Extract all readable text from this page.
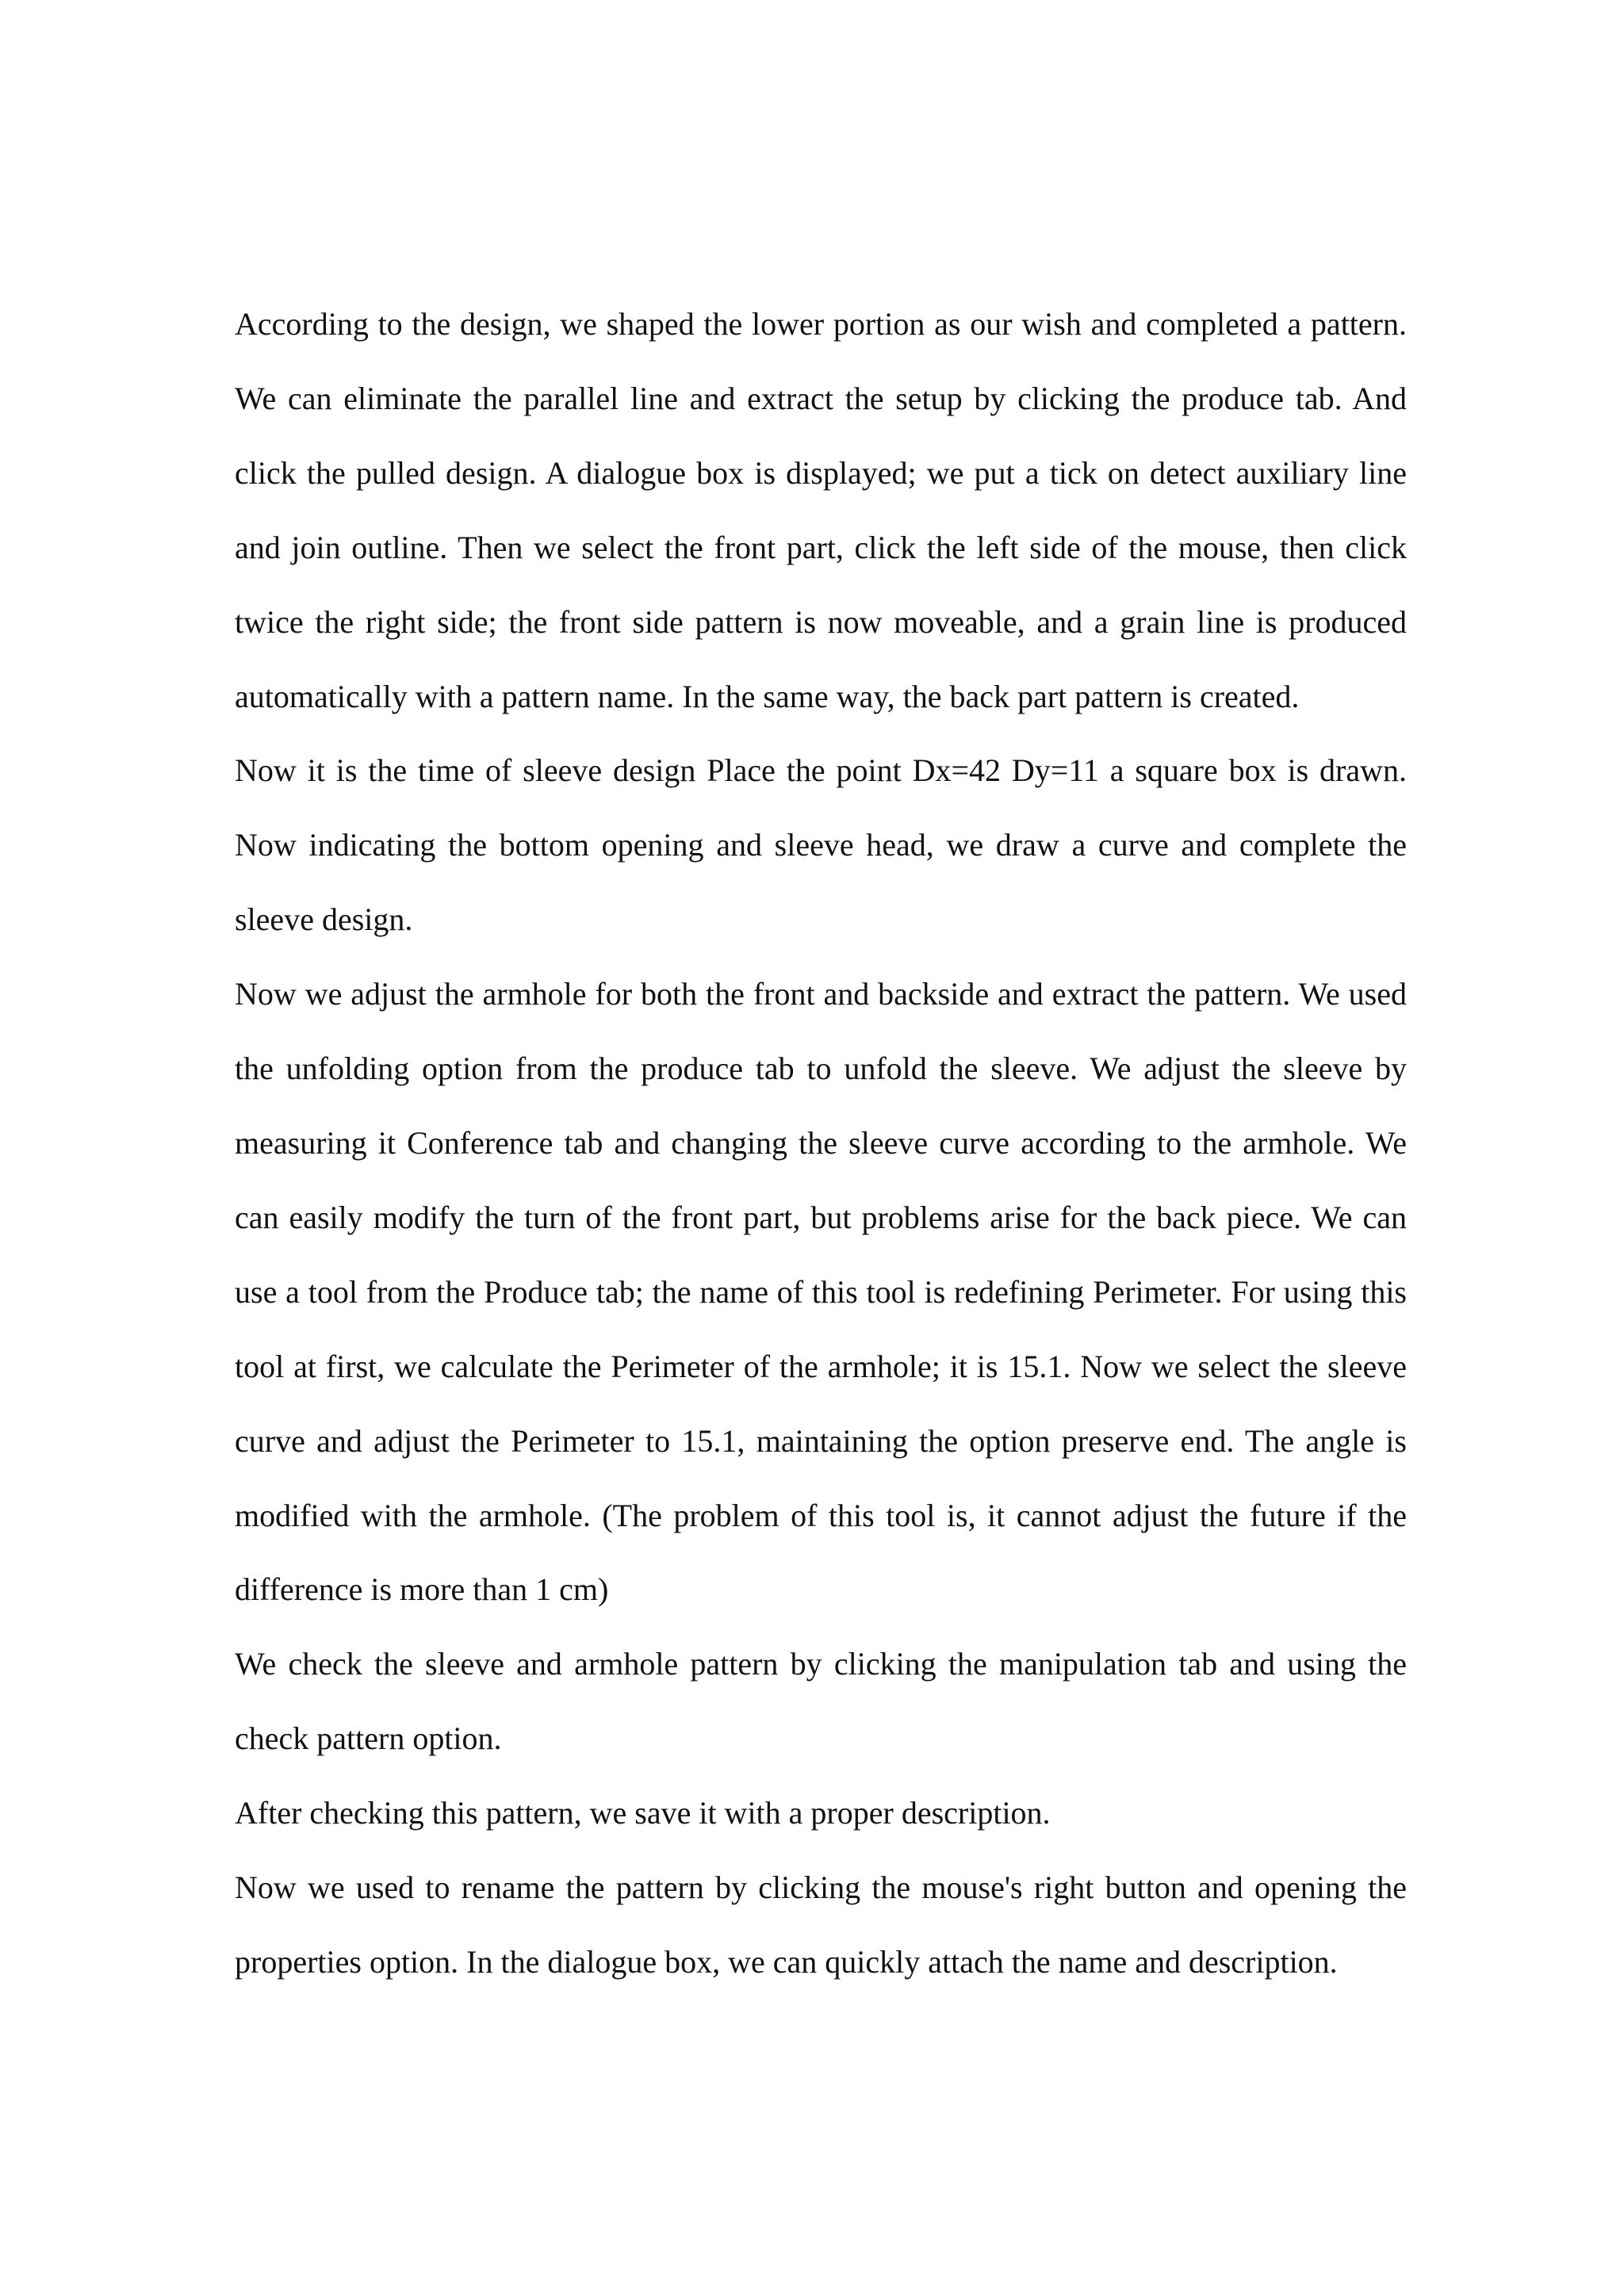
According to the design, we shaped the lower portion as our wish and completed a pattern. We can eliminate the parallel line and extract the setup by clicking the produce tab. And click the pulled design. A dialogue box is displayed; we put a tick on detect auxiliary line and join outline. Then we select the front part, click the left side of the mouse, then click twice the right side; the front side pattern is now moveable, and a grain line is produced automatically with a pattern name. In the same way, the back part pattern is created.

Now it is the time of sleeve design Place the point Dx=42 Dy=11 a square box is drawn. Now indicating the bottom opening and sleeve head, we draw a curve and complete the sleeve design.

Now we adjust the armhole for both the front and backside and extract the pattern. We used the unfolding option from the produce tab to unfold the sleeve. We adjust the sleeve by measuring it Conference tab and changing the sleeve curve according to the armhole. We can easily modify the turn of the front part, but problems arise for the back piece. We can use a tool from the Produce tab; the name of this tool is redefining Perimeter. For using this tool at first, we calculate the Perimeter of the armhole; it is 15.1. Now we select the sleeve curve and adjust the Perimeter to 15.1, maintaining the option preserve end. The angle is modified with the armhole. (The problem of this tool is, it cannot adjust the future if the difference is more than 1 cm)

We check the sleeve and armhole pattern by clicking the manipulation tab and using the check pattern option.

After checking this pattern, we save it with a proper description.

Now we used to rename the pattern by clicking the mouse's right button and opening the properties option. In the dialogue box, we can quickly attach the name and description.
